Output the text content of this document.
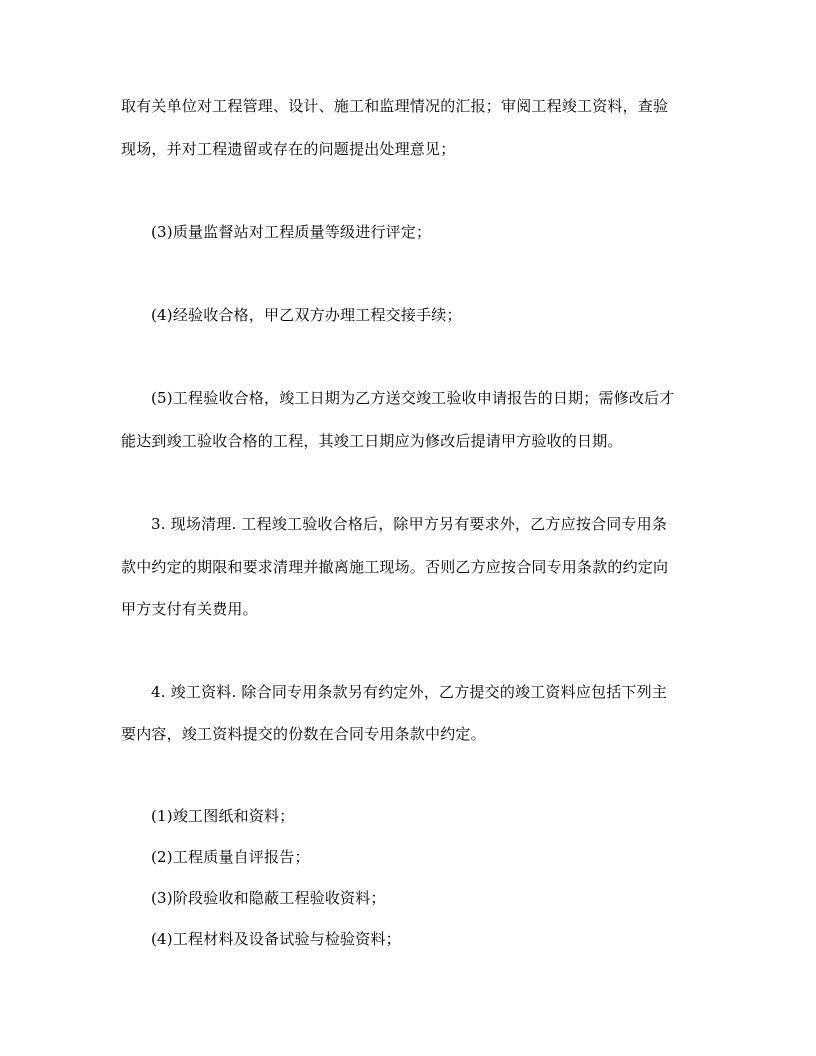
取有关单位对工程管理、设计、施工和监理情况的汇报；审阅工程竣工资料，查验
现场，并对工程遗留或存在的问题提出处理意见；
(3)质量监督站对工程质量等级进行评定；
(4)经验收合格，甲乙双方办理工程交接手续；
(5)工程验收合格，竣工日期为乙方送交竣工验收申请报告的日期；需修改后才
能达到竣工验收合格的工程，其竣工日期应为修改后提请甲方验收的日期。
3. 现场清理. 工程竣工验收合格后，除甲方另有要求外，乙方应按合同专用条
款中约定的期限和要求清理并撤离施工现场。否则乙方应按合同专用条款的约定向
甲方支付有关费用。
4. 竣工资料. 除合同专用条款另有约定外，乙方提交的竣工资料应包括下列主
要内容，竣工资料提交的份数在合同专用条款中约定。
(1)竣工图纸和资料；
(2)工程质量自评报告；
(3)阶段验收和隐蔽工程验收资料；
(4)工程材料及设备试验与检验资料；
